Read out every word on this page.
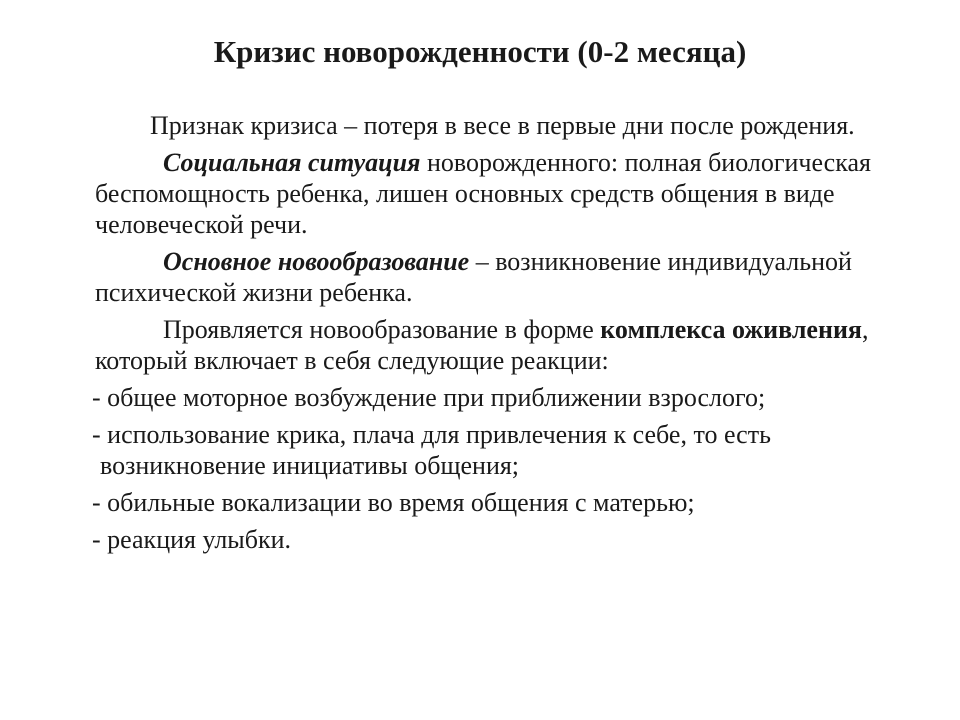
Кризис новорожденности (0-2 месяца)

Признак кризиса – потеря в весе в первые дни после рождения.

Социальная ситуация новорожденного: полная биологическая беспомощность ребенка, лишен основных средств общения в виде человеческой речи.

Основное новообразование – возникновение индивидуальной психической жизни ребенка.

Проявляется новообразование в форме комплекса оживления, который включает в себя следующие реакции:

- общее моторное возбуждение при приближении взрослого;

- использование крика, плача для привлечения к себе, то есть возникновение инициативы общения;

- обильные вокализации во время общения с матерью;

- реакция улыбки.
